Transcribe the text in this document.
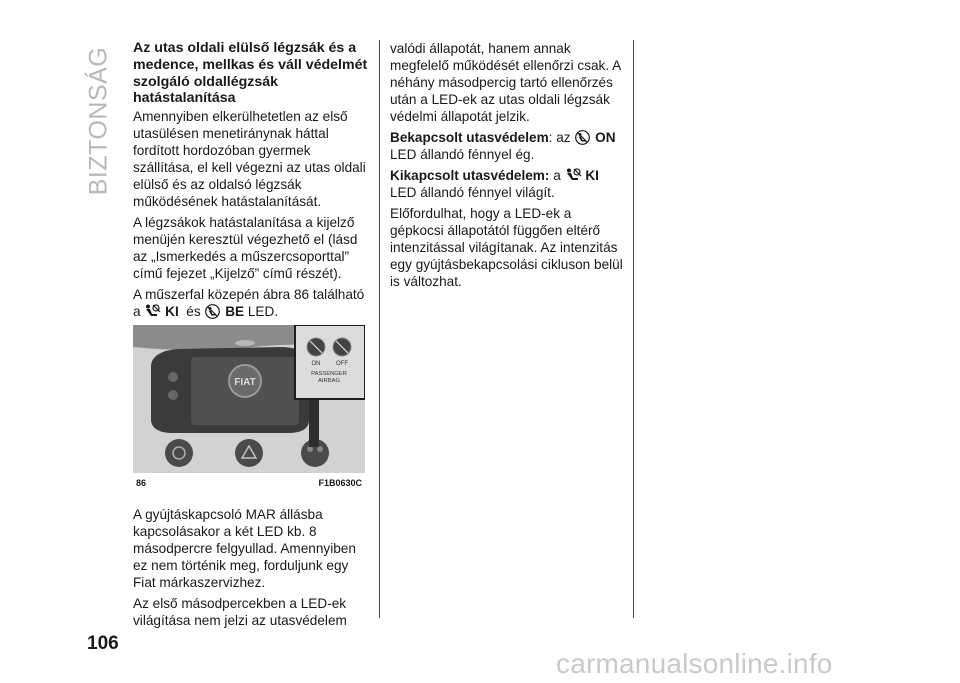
BIZTONSÁG Az utas oldali elülső légzsák és a medence, mellkas és váll védelmét szolgáló oldallégzsák hatástalanítása

Amennyiben elkerülhetetlen az első utasülésen menetiránynak háttal fordított hordozóban gyermek szállítása, el kell végezni az utas oldali elülső és az oldalsó légzsák működésének hatástalanítását.

A légzsákok hatástalanítása a kijelző menüjén keresztül végezhető el (lásd az „Ismerkedés a műszercsoporttal” című fejezet „Kijelző” című részét).

A műszerfal közepén ábra 86 található
a KI és BE LED.

FIAT
ON	OFF
PASSENGER
AIRBAG
86	F1B0630C

A gyújtáskapcsoló MAR állásba kapcsolásakor a két LED kb. 8 másodpercre felgyullad. Amennyiben ez nem történik meg, forduljunk egy Fiat márkaszervizhez.

Az első másodpercekben a LED-ek világítása nem jelzi az utasvédelem

valódi állapotát, hanem annak megfelelő működését ellenőrzi csak. A néhány másodpercig tartó ellenőrzés után a LED-ek az utas oldali légzsák védelmi állapotát jelzik.

Bekapcsolt utasvédelem: az ON
LED állandó fénnyel ég.

Kikapcsolt utasvédelem: a KI
LED állandó fénnyel világít.

Előfordulhat, hogy a LED-ek a gépkocsi állapotától függően eltérő intenzitással világítanak. Az intenzitás egy gyújtásbekapcsolási cikluson belül is változhat.

106
carmanualsonline.info
